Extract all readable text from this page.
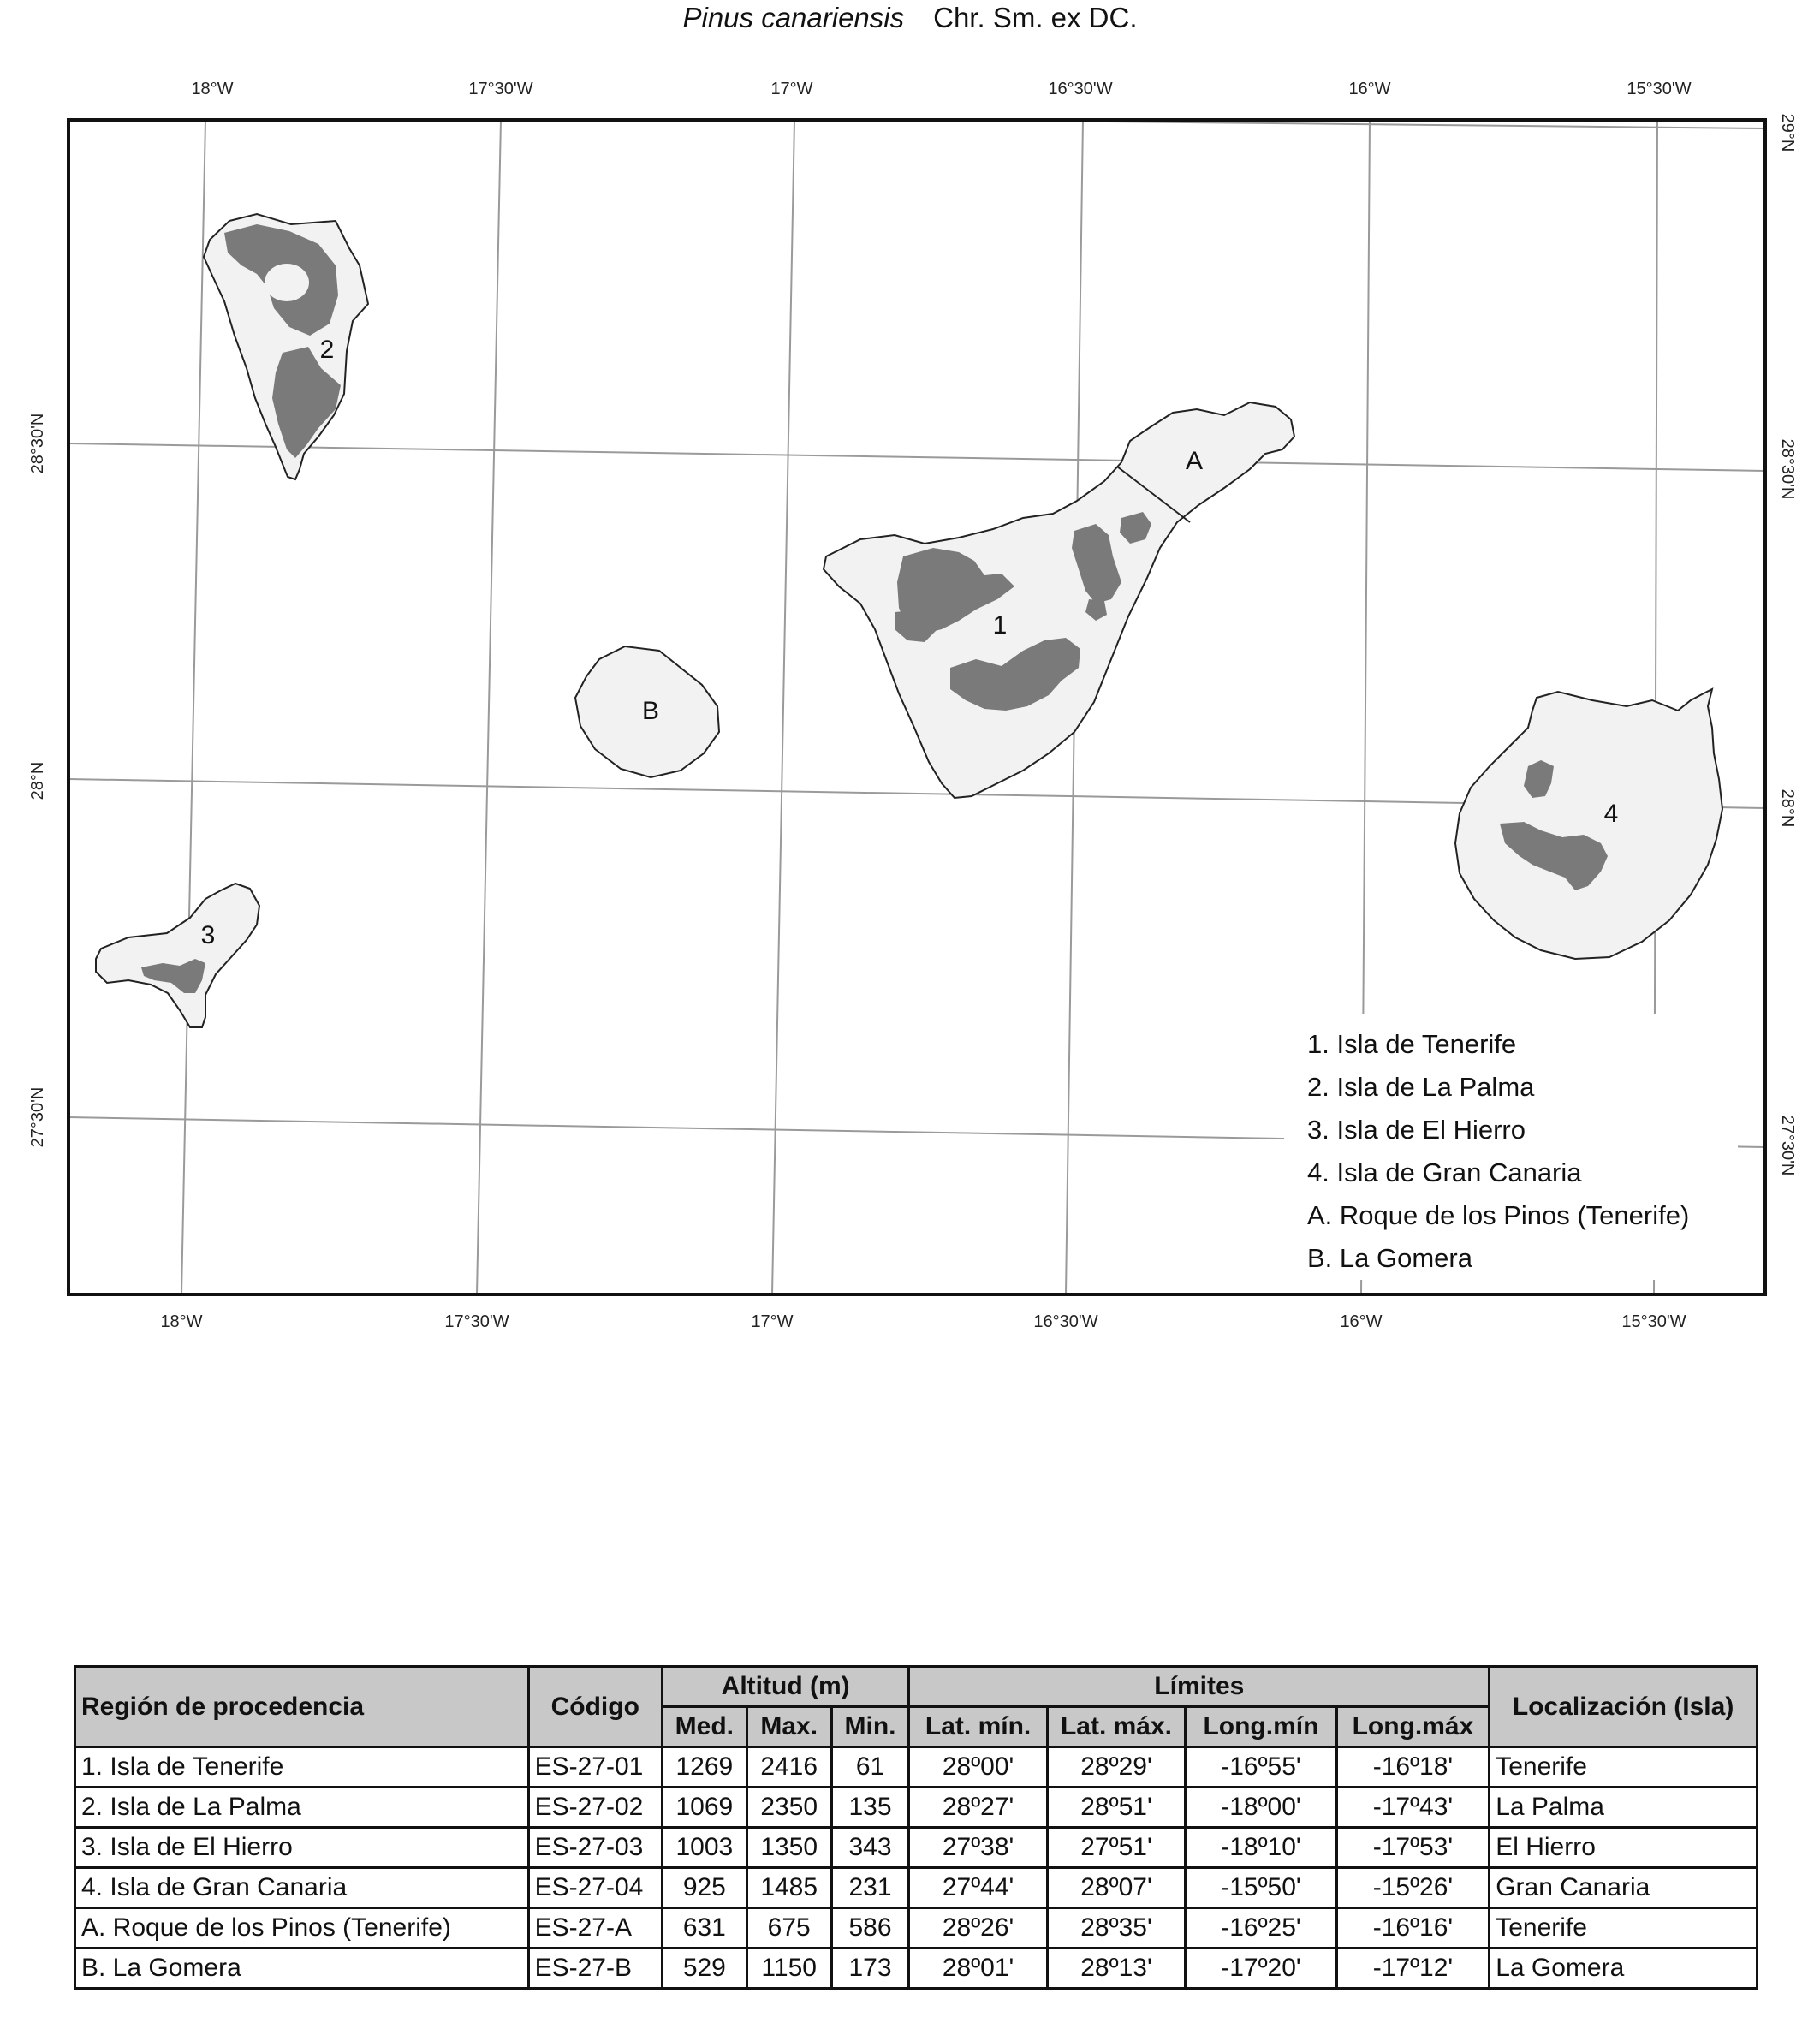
Pinus canariensis Chr. Sm. ex DC.
18°W	17°30'W	17°W	16°30'W	16°W	15°30'W
18°W	17°30'W	17°W	16°30'W	16°W	15°30'W
28°30'N
28°N
27°30'N
29°N
28°30'N
28°N
27°30'N
1
2
3
4
A
B
1. Isla de Tenerife
2. Isla de La Palma
3. Isla de El Hierro
4. Isla de Gran Canaria
A. Roque de los Pinos (Tenerife)
B. La Gomera
Región de procedencia	Código	Altitud (m)			Límites				Localización (Isla)
		Med.	Max.	Min.	Lat. mín.	Lat. máx.	Long.mín	Long.máx	
1. Isla de Tenerife	ES-27-01	1269	2416	61	28º00'	28º29'	-16º55'	-16º18'	Tenerife
2. Isla de La Palma	ES-27-02	1069	2350	135	28º27'	28º51'	-18º00'	-17º43'	La Palma
3. Isla de El Hierro	ES-27-03	1003	1350	343	27º38'	27º51'	-18º10'	-17º53'	El Hierro
4. Isla de Gran Canaria	ES-27-04	925	1485	231	27º44'	28º07'	-15º50'	-15º26'	Gran Canaria
A. Roque de los Pinos (Tenerife)	ES-27-A	631	675	586	28º26'	28º35'	-16º25'	-16º16'	Tenerife
B. La Gomera	ES-27-B	529	1150	173	28º01'	28º13'	-17º20'	-17º12'	La Gomera
